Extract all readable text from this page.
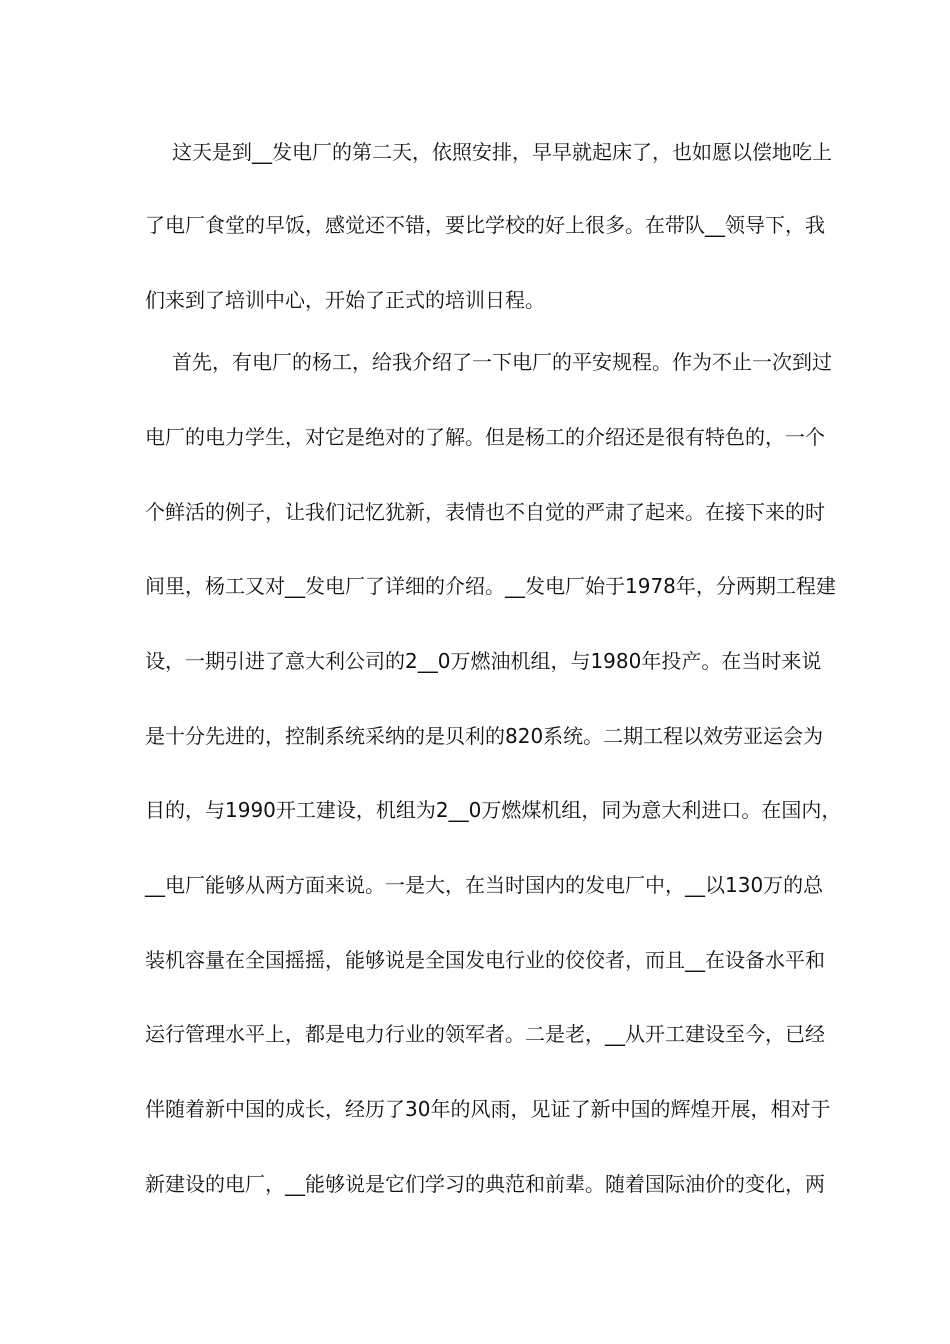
这天是到__发电厂的第二天，依照安排，早早就起床了，也如愿以偿地吃上
了电厂食堂的早饭，感觉还不错，要比学校的好上很多。在带队__领导下，我
们来到了培训中心，开始了正式的培训日程。
首先，有电厂的杨工，给我介绍了一下电厂的平安规程。作为不止一次到过
电厂的电力学生，对它是绝对的了解。但是杨工的介绍还是很有特色的，一个
个鲜活的例子，让我们记忆犹新，表情也不自觉的严肃了起来。在接下来的时
间里，杨工又对__发电厂了详细的介绍。__发电厂始于1978年，分两期工程建
设，一期引进了意大利公司的2__0万燃油机组，与1980年投产。在当时来说
是十分先进的，控制系统采纳的是贝利的820系统。二期工程以效劳亚运会为
目的，与1990开工建设，机组为2__0万燃煤机组，同为意大利进口。在国内，
__电厂能够从两方面来说。一是大，在当时国内的发电厂中，__以130万的总
装机容量在全国摇摇，能够说是全国发电行业的佼佼者，而且__在设备水平和
运行管理水平上，都是电力行业的领军者。二是老，__从开工建设至今，已经
伴随着新中国的成长，经历了30年的风雨，见证了新中国的辉煌开展，相对于
新建设的电厂，__能够说是它们学习的典范和前辈。随着国际油价的变化，两
